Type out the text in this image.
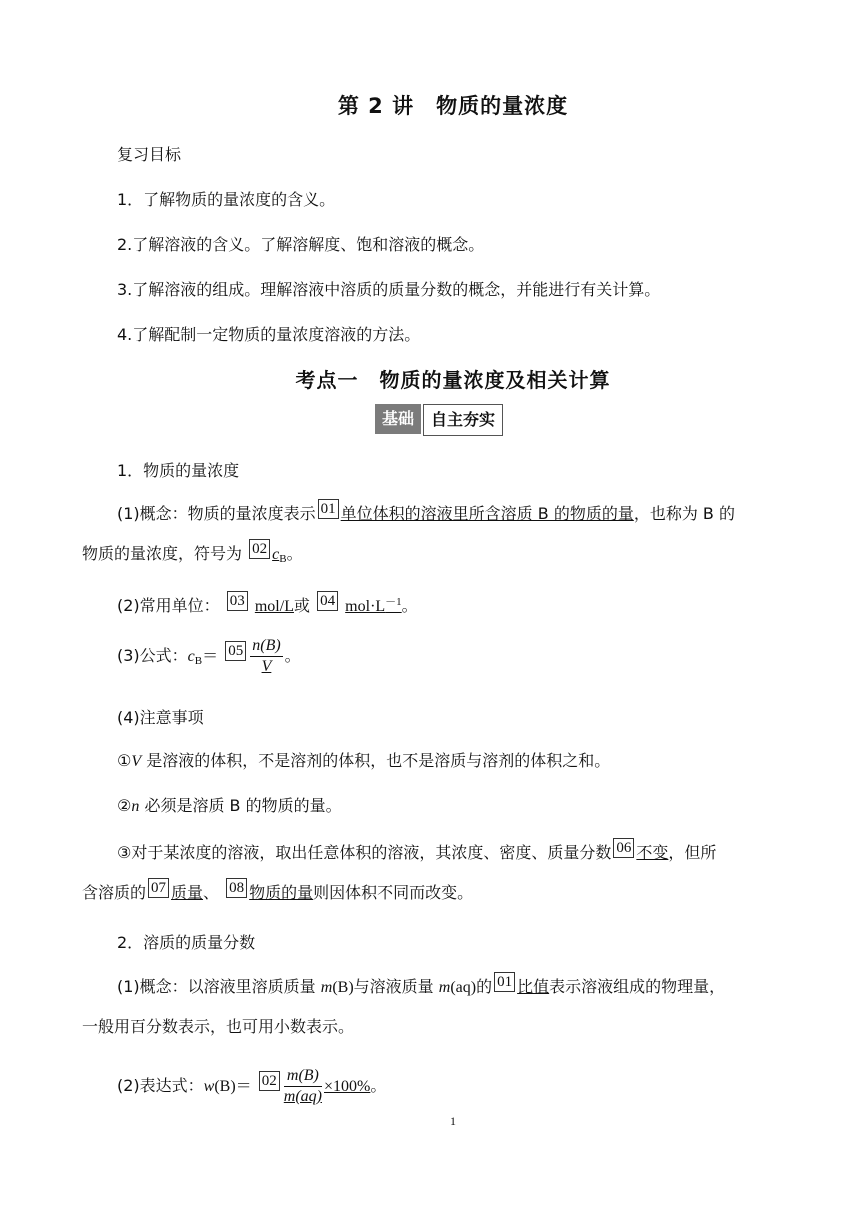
第 2 讲　物质的量浓度
复习目标
1．了解物质的量浓度的含义。
2.了解溶液的含义。了解溶解度、饱和溶液的概念。
3.了解溶液的组成。理解溶液中溶质的质量分数的概念，并能进行有关计算。
4.了解配制一定物质的量浓度溶液的方法。
考点一　物质的量浓度及相关计算
基础	自主夯实
1．物质的量浓度
(1)概念：物质的量浓度表示 01 单位体积的溶液里所含溶质 B 的物质的量，也称为 B 的
物质的量浓度，符号为 02 $c_B$。
(2)常用单位： 03 mol/L或 04 $mol\cdot L^{-1}$。
(3)公式：$c_B= 05 \frac{n(B)}{V}$ 。
(4)注意事项
①V 是溶液的体积，不是溶剂的体积，也不是溶质与溶剂的体积之和。
②n 必须是溶质 B 的物质的量。
③对于某浓度的溶液，取出任意体积的溶液，其浓度、密度、质量分数 06 不变，但所
含溶质的 07 质量、 08 物质的量则因体积不同而改变。
2．溶质的质量分数
(1)概念：以溶液里溶质质量 m(B)与溶液质量 m(aq)的 01 比值表示溶液组成的物理量，
一般用百分数表示，也可用小数表示。
(2)表达式：$w(B)= 02 \frac{m(B)}{m(aq)} \times 100\%$。
1
